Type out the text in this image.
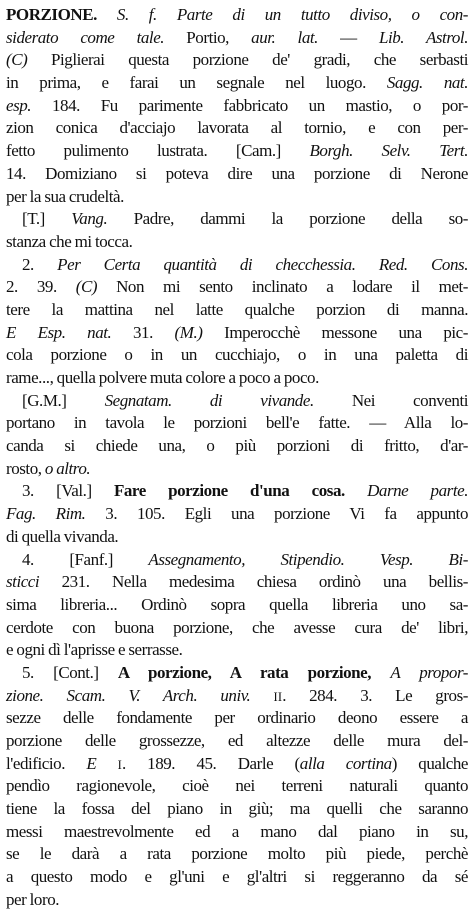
PORZIONE. S. f. Parte di un tutto diviso, o con-
siderato come tale. Portio, aur. lat. — Lib. Astrol.
(C) Piglierai questa porzione de' gradi, che serbasti
in prima, e farai un segnale nel luogo. Sagg. nat.
esp. 184. Fu parimente fabbricato un mastio, o por-
zion conica d'acciajo lavorata al tornio, e con per-
fetto pulimento lustrata. [Cam.] Borgh. Selv. Tert.
14. Domiziano si poteva dire una porzione di Nerone
per la sua crudeltà.
[T.] Vang. Padre, dammi la porzione della so-
stanza che mi tocca.
2. Per Certa quantità di checchessia. Red. Cons.
2. 39. (C) Non mi sento inclinato a lodare il met-
tere la mattina nel latte qualche porzion di manna.
E Esp. nat. 31. (M.) Imperocchè messone una pic-
cola porzione o in un cucchiajo, o in una paletta di
rame..., quella polvere muta colore a poco a poco.
[G.M.] Segnatam. di vivande. Nei conventi
portano in tavola le porzioni bell'e fatte. — Alla lo-
canda si chiede una, o più porzioni di fritto, d'ar-
rosto, o altro.
3. [Val.] Fare porzione d'una cosa. Darne parte.
Fag. Rim. 3. 105. Egli una porzione Vi fa appunto
di quella vivanda.
4. [Fanf.] Assegnamento, Stipendio. Vesp. Bi-
sticci 231. Nella medesima chiesa ordinò una bellis-
sima libreria... Ordinò sopra quella libreria uno sa-
cerdote con buona porzione, che avesse cura de' libri,
e ogni dì l'aprisse e serrasse.
5. [Cont.] A porzione, A rata porzione, A propor-
zione. Scam. V. Arch. univ. II. 284. 3. Le gros-
sezze delle fondamente per ordinario deono essere a
porzione delle grossezze, ed altezze delle mura del-
l'edificio. E I. 189. 45. Darle (alla cortina) qualche
pendìo ragionevole, cioè nei terreni naturali quanto
tiene la fossa del piano in giù; ma quelli che saranno
messi maestrevolmente ed a mano dal piano in su,
se le darà a rata porzione molto più piede, perchè
a questo modo e gl'uni e gl'altri si reggeranno da sé
per loro.
